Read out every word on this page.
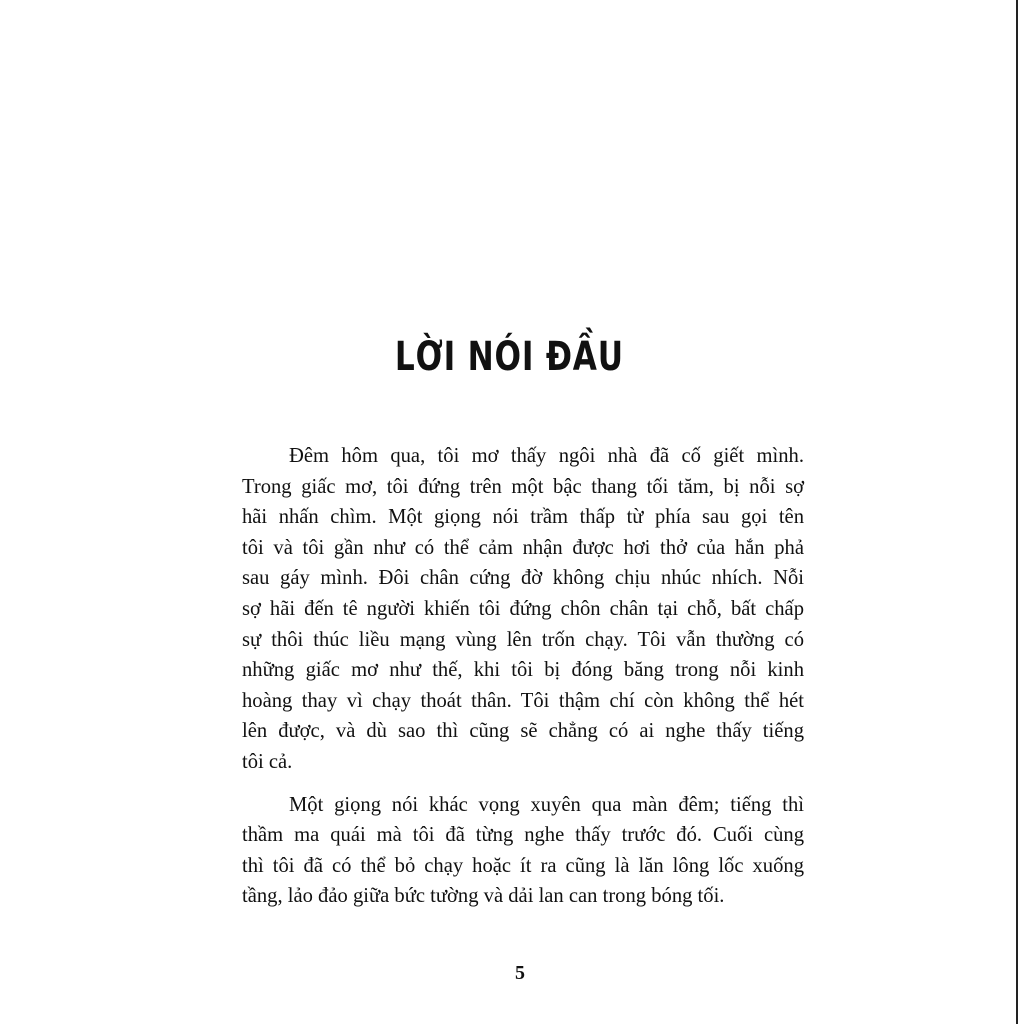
LỜI NÓI ĐẦU
Đêm hôm qua, tôi mơ thấy ngôi nhà đã cố giết mình.
Trong giấc mơ, tôi đứng trên một bậc thang tối tăm, bị nỗi sợ
hãi nhấn chìm. Một giọng nói trầm thấp từ phía sau gọi tên
tôi và tôi gần như có thể cảm nhận được hơi thở của hắn phả
sau gáy mình. Đôi chân cứng đờ không chịu nhúc nhích. Nỗi
sợ hãi đến tê người khiến tôi đứng chôn chân tại chỗ, bất chấp
sự thôi thúc liều mạng vùng lên trốn chạy. Tôi vẫn thường có
những giấc mơ như thế, khi tôi bị đóng băng trong nỗi kinh
hoàng thay vì chạy thoát thân. Tôi thậm chí còn không thể hét
lên được, và dù sao thì cũng sẽ chẳng có ai nghe thấy tiếng
tôi cả.
Một giọng nói khác vọng xuyên qua màn đêm; tiếng thì
thầm ma quái mà tôi đã từng nghe thấy trước đó. Cuối cùng
thì tôi đã có thể bỏ chạy hoặc ít ra cũng là lăn lông lốc xuống
tầng, lảo đảo giữa bức tường và dải lan can trong bóng tối.
5
